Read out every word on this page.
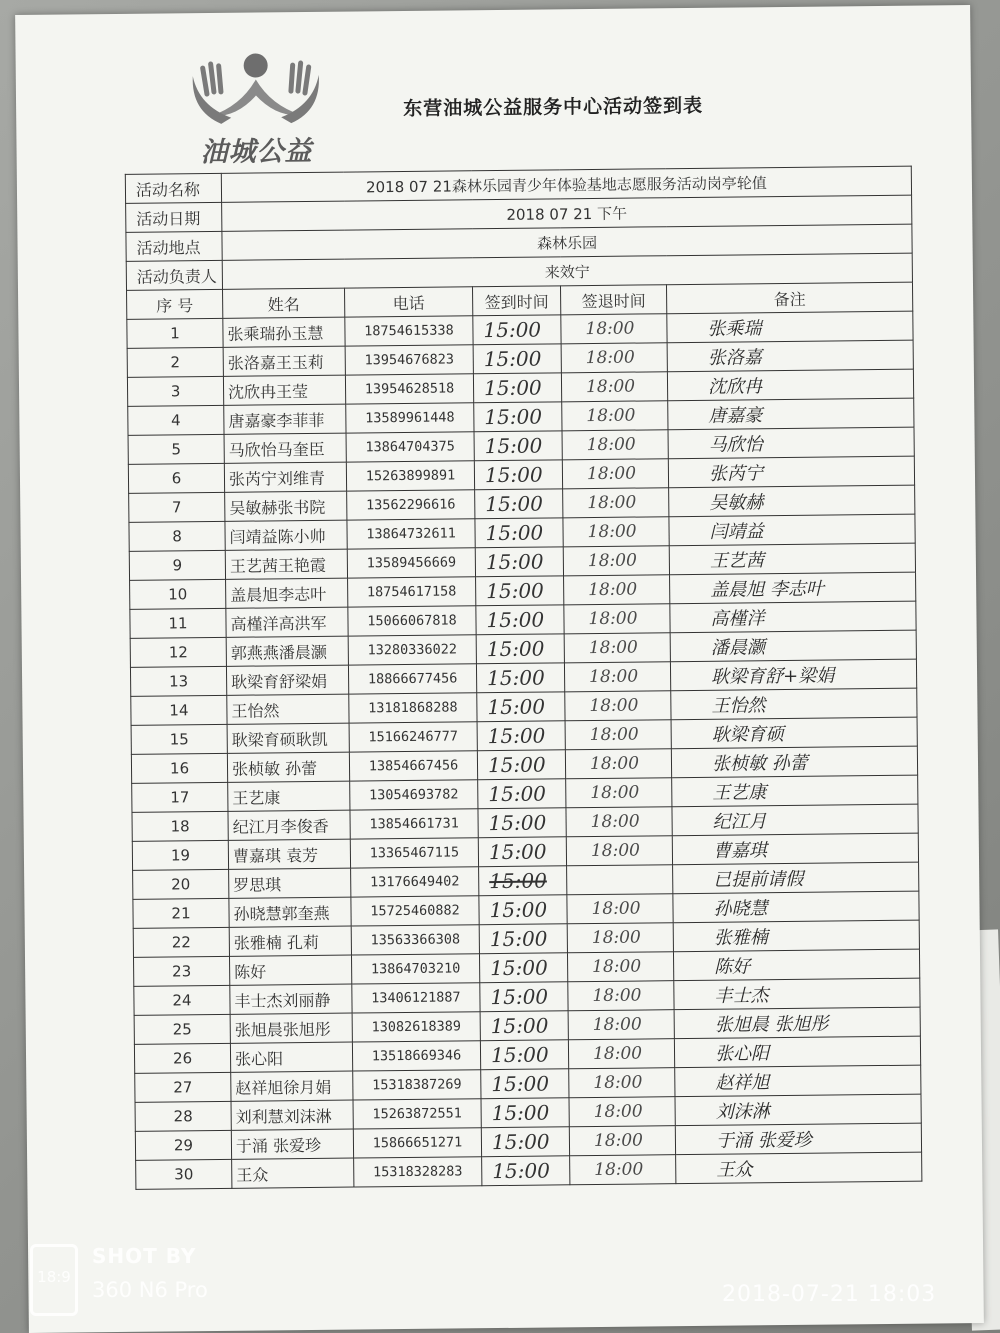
油城公益
东营油城公益服务中心活动签到表
活动名称	2018 07 21森林乐园青少年体验基地志愿服务活动岗亭轮值				
活动日期	2018 07 21 下午				
活动地点	森林乐园				
活动负责人	来效宁				
序 号	姓名	电话	签到时间	签退时间	备注
1	张乘瑞孙玉慧	18754615338	15:00	18:00	张乘瑞
2	张洛嘉王玉莉	13954676823	15:00	18:00	张洛嘉
3	沈欣冉王莹	13954628518	15:00	18:00	沈欣冉
4	唐嘉豪李菲菲	13589961448	15:00	18:00	唐嘉豪
5	马欣怡马奎臣	13864704375	15:00	18:00	马欣怡
6	张芮宁刘维青	15263899891	15:00	18:00	张芮宁
7	吴敏赫张书院	13562296616	15:00	18:00	吴敏赫
8	闫靖益陈小帅	13864732611	15:00	18:00	闫靖益
9	王艺茜王艳霞	13589456669	15:00	18:00	王艺茜
10	盖晨旭李志叶	18754617158	15:00	18:00	盖晨旭 李志叶
11	高槿洋高洪军	15066067818	15:00	18:00	高槿洋
12	郭燕燕潘晨灏	13280336022	15:00	18:00	潘晨灏
13	耿梁育舒梁娟	18866677456	15:00	18:00	耿梁育舒+梁娟
14	王怡然	13181868288	15:00	18:00	王怡然
15	耿梁育硕耿凯	15166246777	15:00	18:00	耿梁育硕
16	张桢敏 孙蕾	13854667456	15:00	18:00	张桢敏 孙蕾
17	王艺康	13054693782	15:00	18:00	王艺康
18	纪江月李俊香	13854661731	15:00	18:00	纪江月
19	曹嘉琪 袁芳	13365467115	15:00	18:00	曹嘉琪
20	罗思琪	13176649402	15:00		已提前请假
21	孙晓慧郭奎燕	15725460882	15:00	18:00	孙晓慧
22	张雅楠 孔莉	13563366308	15:00	18:00	张雅楠
23	陈好	13864703210	15:00	18:00	陈好
24	丰士杰刘丽静	13406121887	15:00	18:00	丰士杰
25	张旭晨张旭彤	13082618389	15:00	18:00	张旭晨 张旭彤
26	张心阳	13518669346	15:00	18:00	张心阳
27	赵祥旭徐月娟	15318387269	15:00	18:00	赵祥旭
28	刘利慧刘沫淋	15263872551	15:00	18:00	刘沫淋
29	于涌 张爱珍	15866651271	15:00	18:00	于涌 张爱珍
30	王众	15318328283	15:00	18:00	王众
18:9
SHOT BY
360 N6 Pro	2018-07-21 18:03
